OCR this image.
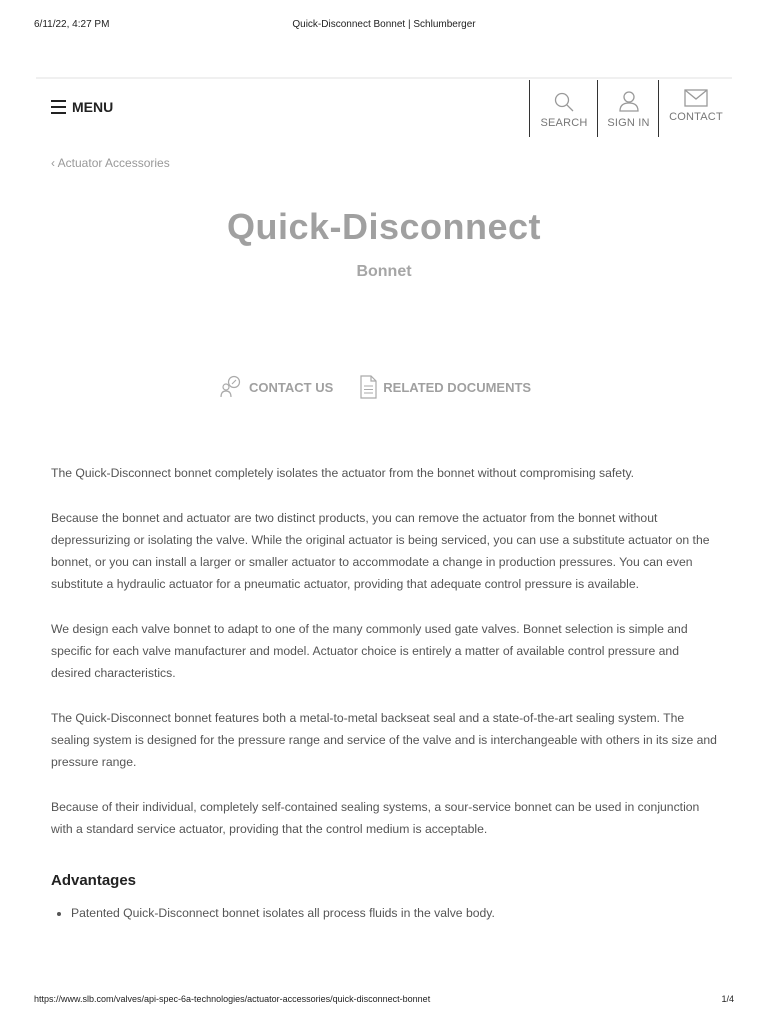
6/11/22, 4:27 PM	Quick-Disconnect Bonnet | Schlumberger
MENU
SEARCH SIGN IN CONTACT
‹ Actuator Accessories
Quick-Disconnect
Bonnet
CONTACT US	RELATED DOCUMENTS

The Quick-Disconnect bonnet completely isolates the actuator from the bonnet without compromising safety.

Because the bonnet and actuator are two distinct products, you can remove the actuator from the bonnet without depressurizing or isolating the valve. While the original actuator is being serviced, you can use a substitute actuator on the bonnet, or you can install a larger or smaller actuator to accommodate a change in production pressures. You can even substitute a hydraulic actuator for a pneumatic actuator, providing that adequate control pressure is available.

We design each valve bonnet to adapt to one of the many commonly used gate valves. Bonnet selection is simple and specific for each valve manufacturer and model. Actuator choice is entirely a matter of available control pressure and desired characteristics.

The Quick-Disconnect bonnet features both a metal-to-metal backseat seal and a state-of-the-art sealing system. The sealing system is designed for the pressure range and service of the valve and is interchangeable with others in its size and pressure range.

Because of their individual, completely self-contained sealing systems, a sour-service bonnet can be used in conjunction with a standard service actuator, providing that the control medium is acceptable.

Advantages
• Patented Quick-Disconnect bonnet isolates all process fluids in the valve body.
https://www.slb.com/valves/api-spec-6a-technologies/actuator-accessories/quick-disconnect-bonnet	1/4
